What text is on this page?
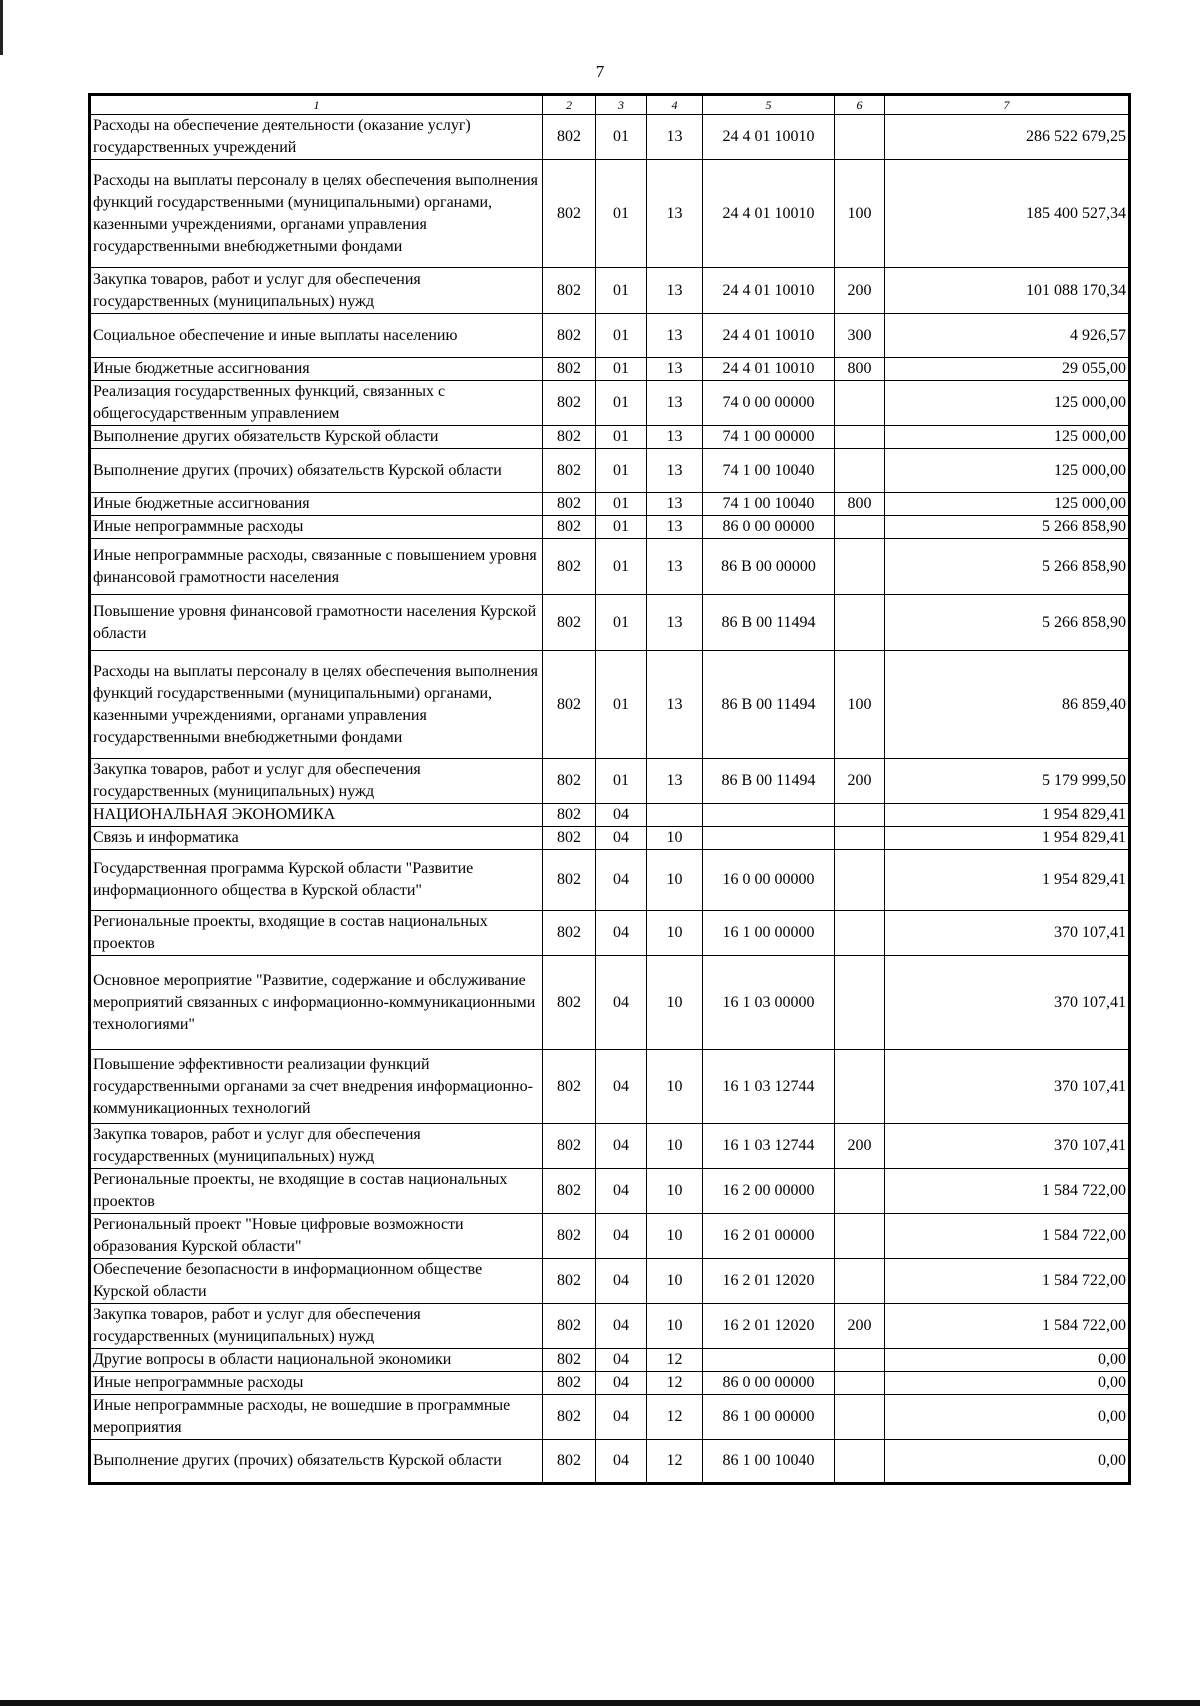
7
1	2	3	4	5	6	7
Расходы на обеспечение деятельности (оказание услуг) государственных учреждений	802	01	13	24 4 01 10010		286 522 679,25
Расходы на выплаты персоналу в целях обеспечения выполнения функций государственными (муниципальными) органами, казенными учреждениями, органами управления государственными внебюджетными фондами	802	01	13	24 4 01 10010	100	185 400 527,34
Закупка товаров, работ и услуг для обеспечения государственных (муниципальных) нужд	802	01	13	24 4 01 10010	200	101 088 170,34
Социальное обеспечение и иные выплаты населению	802	01	13	24 4 01 10010	300	4 926,57
Иные бюджетные ассигнования	802	01	13	24 4 01 10010	800	29 055,00
Реализация государственных функций, связанных с общегосударственным управлением	802	01	13	74 0 00 00000		125 000,00
Выполнение других обязательств Курской области	802	01	13	74 1 00 00000		125 000,00
Выполнение других (прочих) обязательств Курской области	802	01	13	74 1 00 10040		125 000,00
Иные бюджетные ассигнования	802	01	13	74 1 00 10040	800	125 000,00
Иные непрограммные расходы	802	01	13	86 0 00 00000		5 266 858,90
Иные непрограммные расходы, связанные с повышением уровня финансовой грамотности населения	802	01	13	86 В 00 00000		5 266 858,90
Повышение уровня финансовой грамотности населения Курской области	802	01	13	86 В 00 11494		5 266 858,90
Расходы на выплаты персоналу в целях обеспечения выполнения функций государственными (муниципальными) органами, казенными учреждениями, органами управления государственными внебюджетными фондами	802	01	13	86 В 00 11494	100	86 859,40
Закупка товаров, работ и услуг для обеспечения государственных (муниципальных) нужд	802	01	13	86 В 00 11494	200	5 179 999,50
НАЦИОНАЛЬНАЯ ЭКОНОМИКА	802	04				1 954 829,41
Связь и информатика	802	04	10			1 954 829,41
Государственная программа Курской области "Развитие информационного общества в Курской области"	802	04	10	16 0 00 00000		1 954 829,41
Региональные проекты, входящие в состав национальных проектов	802	04	10	16 1 00 00000		370 107,41
Основное мероприятие "Развитие, содержание и обслуживание мероприятий связанных с информационно-коммуникационными технологиями"	802	04	10	16 1 03 00000		370 107,41
Повышение эффективности реализации функций государственными органами за счет внедрения информационно-коммуникационных технологий	802	04	10	16 1 03 12744		370 107,41
Закупка товаров, работ и услуг для обеспечения государственных (муниципальных) нужд	802	04	10	16 1 03 12744	200	370 107,41
Региональные проекты, не входящие в состав национальных проектов	802	04	10	16 2 00 00000		1 584 722,00
Региональный проект "Новые цифровые возможности образования Курской области"	802	04	10	16 2 01 00000		1 584 722,00
Обеспечение безопасности в информационном обществе Курской области	802	04	10	16 2 01 12020		1 584 722,00
Закупка товаров, работ и услуг для обеспечения государственных (муниципальных) нужд	802	04	10	16 2 01 12020	200	1 584 722,00
Другие вопросы в области национальной экономики	802	04	12			0,00
Иные непрограммные расходы	802	04	12	86 0 00 00000		0,00
Иные непрограммные расходы, не вошедшие в программные мероприятия	802	04	12	86 1 00 00000		0,00
Выполнение других (прочих) обязательств Курской области	802	04	12	86 1 00 10040		0,00
